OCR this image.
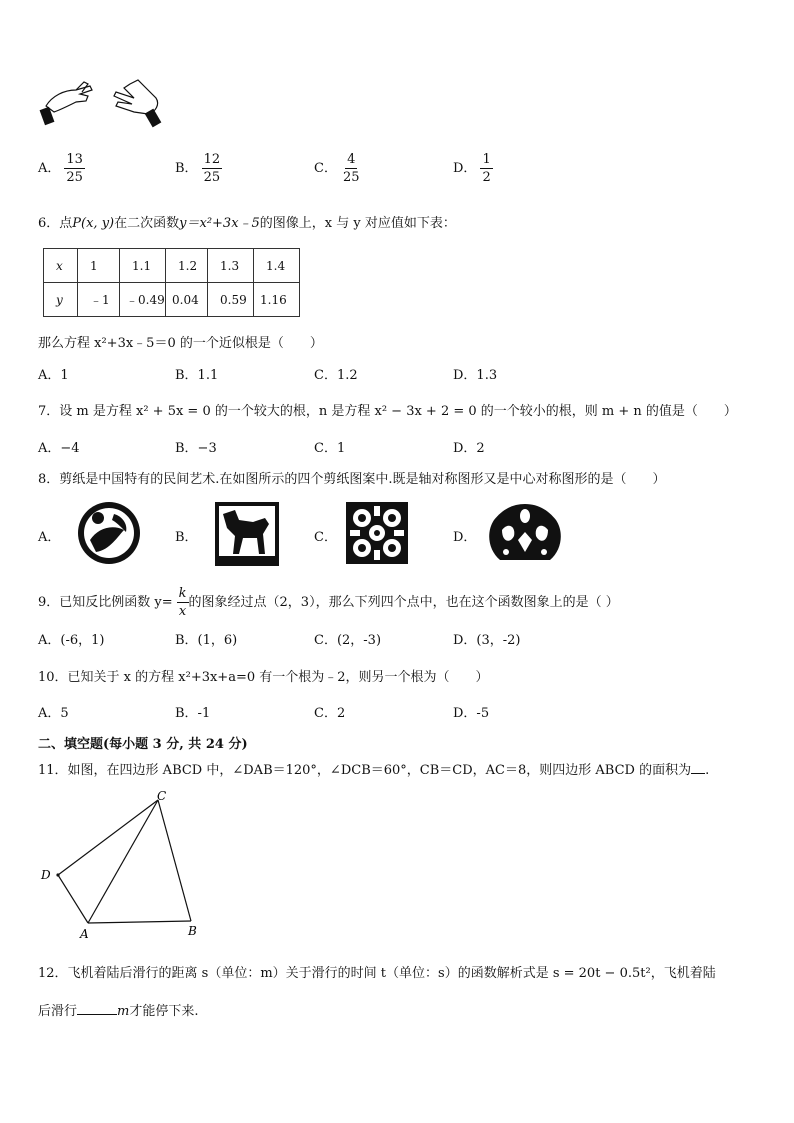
A． $\frac{13}{25}$	B． $\frac{12}{25}$	C． $\frac{4}{25}$	D． $\frac{1}{2}$
6．点P(x, y)在二次函数y＝x²+3x﹣5的图像上，x 与 y 对应值如下表：
x	1	1.1	1.2	1.3	1.4
y	﹣1	﹣0.49	0.04	0.59	1.16
那么方程 x²+3x﹣5＝0 的一个近似根是（　　）
A．1	B．1.1	C．1.2	D．1.3
7．设 m 是方程 x² + 5x = 0 的一个较大的根，n 是方程 x² − 3x + 2 = 0 的一个较小的根，则 m + n 的值是（　　）
A．−4	B．−3	C．1	D．2
8．剪纸是中国特有的民间艺术.在如图所示的四个剪纸图案中.既是轴对称图形又是中心对称图形的是（　　）
A．	B．	C．	D．
9．已知反比例函数 $y= \frac{k}{x}$ 的图象经过点（2，3），那么下列四个点中，也在这个函数图象上的是（ ）
A．(-6，1)	B．(1，6)	C．(2，-3)	D．(3，-2)
10．已知关于 x 的方程 x²+3x+a=0 有一个根为﹣2，则另一个根为（　　）
A．5	B．-1	C．2	D．-5
二、填空题(每小题 3 分, 共 24 分)
11．如图，在四边形 ABCD 中，∠DAB＝120°，∠DCB＝60°，CB＝CD，AC＝8，则四边形 ABCD 的面积为 .
C
D
A	B
12．飞机着陆后滑行的距离 s（单位：m）关于滑行的时间 t（单位：s）的函数解析式是 s = 20t − 0.5t²，飞机着陆
后滑行	m才能停下来.
